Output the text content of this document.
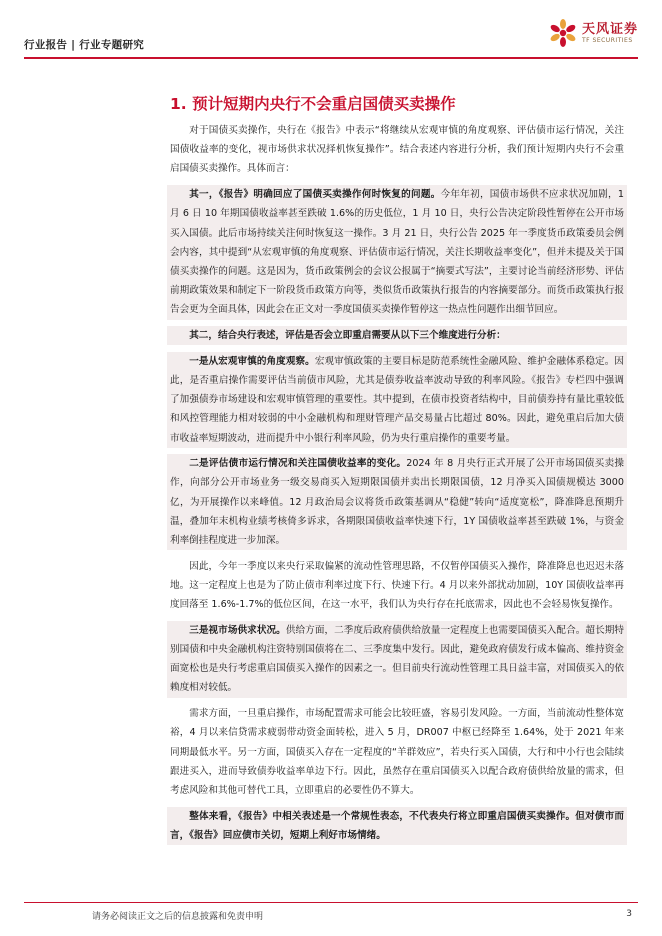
行业报告 | 行业专题研究
天风证券
TF SECURITIES
1. 预计短期内央行不会重启国债买卖操作

对于国债买卖操作，央行在《报告》中表示“将继续从宏观审慎的角度观察、评估债市运行情况，关注国债收益率的变化，视市场供求状况择机恢复操作”。结合表述内容进行分析，我们预计短期内央行不会重启国债买卖操作。具体而言：

其一，《报告》明确回应了国债买卖操作何时恢复的问题。今年年初，国债市场供不应求状况加剧，1 月 6 日 10 年期国债收益率甚至跌破 1.6%的历史低位，1 月 10 日，央行公告决定阶段性暂停在公开市场买入国债。此后市场持续关注何时恢复这一操作。3 月 21 日，央行公告 2025 年一季度货币政策委员会例会内容，其中提到“从宏观审慎的角度观察、评估债市运行情况，关注长期收益率变化”，但并未提及关于国债买卖操作的问题。这是因为，货币政策例会的会议公报属于“摘要式写法”，主要讨论当前经济形势、评估前期政策效果和制定下一阶段货币政策方向等，类似货币政策执行报告的内容摘要部分。而货币政策执行报告会更为全面具体，因此会在正文对一季度国债买卖操作暂停这一热点性问题作出细节回应。

其二，结合央行表述，评估是否会立即重启需要从以下三个维度进行分析：

一是从宏观审慎的角度观察。宏观审慎政策的主要目标是防范系统性金融风险、维护金融体系稳定。因此，是否重启操作需要评估当前债市风险，尤其是债券收益率波动导致的利率风险。《报告》专栏四中强调了加强债券市场建设和宏观审慎管理的重要性。其中提到，在债市投资者结构中，目前债券持有量比重较低和风控管理能力相对较弱的中小金融机构和理财管理产品交易量占比超过 80%。因此，避免重启后加大债市收益率短期波动，进而提升中小银行利率风险，仍为央行重启操作的重要考量。

二是评估债市运行情况和关注国债收益率的变化。2024 年 8 月央行正式开展了公开市场国债买卖操作，向部分公开市场业务一级交易商买入短期限国债并卖出长期限国债，12 月净买入国债规模达 3000 亿，为开展操作以来峰值。12 月政治局会议将货币政策基调从“稳健”转向“适度宽松”，降准降息预期升温，叠加年末机构业绩考核倚多诉求，各期限国债收益率快速下行，1Y 国债收益率甚至跌破 1%，与资金利率倒挂程度进一步加深。

因此，今年一季度以来央行采取偏紧的流动性管理思路，不仅暂停国债买入操作，降准降息也迟迟未落地。这一定程度上也是为了防止债市利率过度下行、快速下行。4 月以来外部扰动加剧，10Y 国债收益率再度回落至 1.6%-1.7%的低位区间，在这一水平，我们认为央行存在托底需求，因此也不会轻易恢复操作。

三是视市场供求状况。供给方面，二季度后政府债供给放量一定程度上也需要国债买入配合。超长期特别国债和中央金融机构注资特别国债将在二、三季度集中发行。因此，避免政府债发行成本偏高、维持资金面宽松也是央行考虑重启国债买入操作的因素之一。但目前央行流动性管理工具日益丰富，对国债买入的依赖度相对较低。

需求方面，一旦重启操作，市场配置需求可能会比较旺盛，容易引发风险。一方面，当前流动性整体宽裕，4 月以来信贷需求疲弱带动资金面转松，进入 5 月，DR007 中枢已经降至 1.64%，处于 2021 年来同期最低水平。另一方面，国债买入存在一定程度的“羊群效应”，若央行买入国债，大行和中小行也会陆续跟进买入，进而导致债券收益率单边下行。因此，虽然存在重启国债买入以配合政府债供给放量的需求，但考虑风险和其他可替代工具，立即重启的必要性仍不算大。

整体来看，《报告》中相关表述是一个常规性表态，不代表央行将立即重启国债买卖操作。但对债市而言，《报告》回应债市关切，短期上利好市场情绪。

请务必阅读正文之后的信息披露和免责申明	3
